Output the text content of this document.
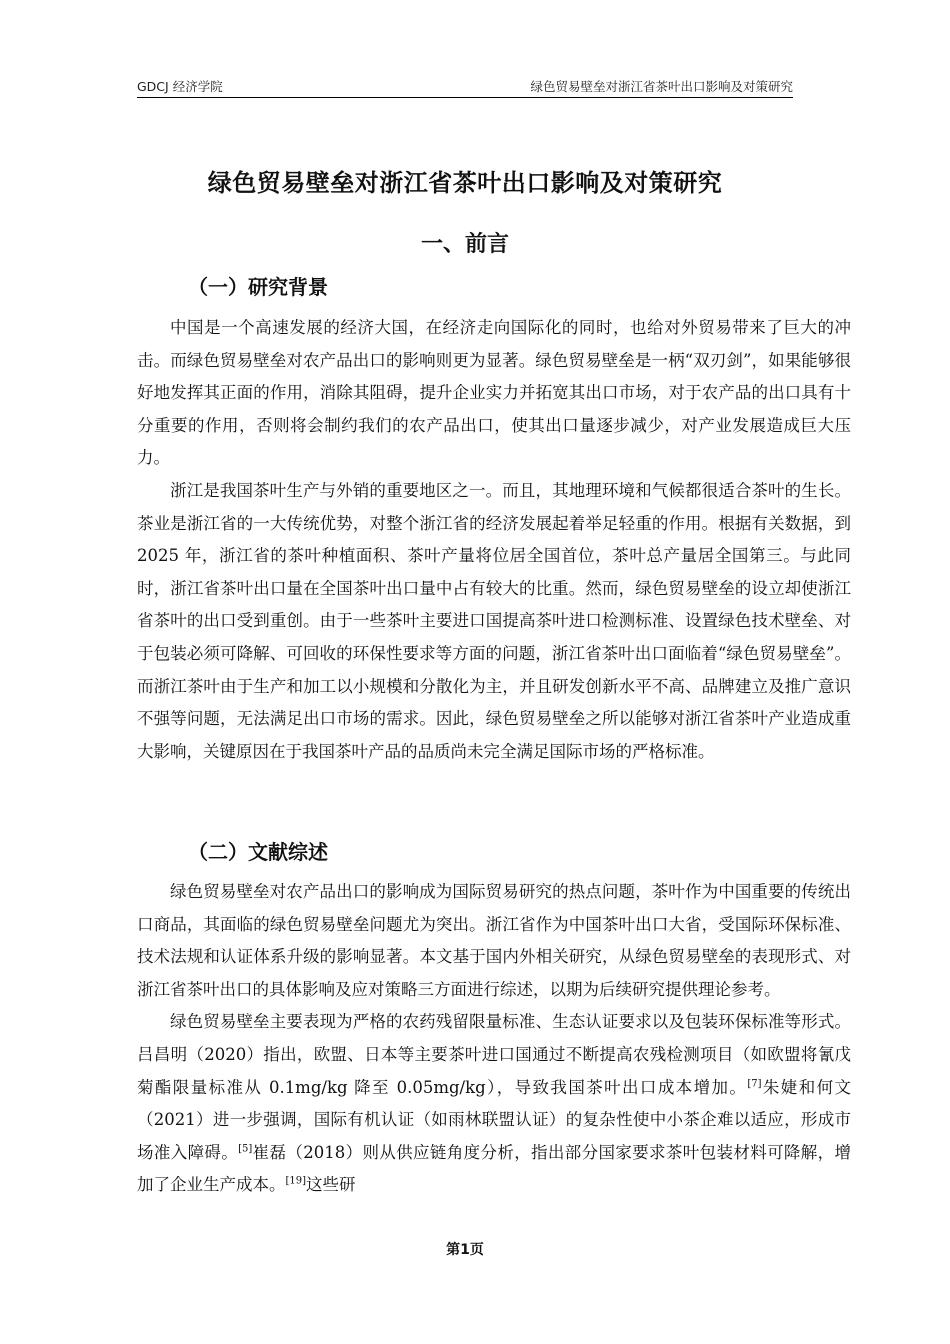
GDCJ 经济学院	绿色贸易壁垒对浙江省茶叶出口影响及对策研究
绿色贸易壁垒对浙江省茶叶出口影响及对策研究
一、前言
（一）研究背景

中国是一个高速发展的经济大国，在经济走向国际化的同时，也给对外贸易带来了巨大的冲击。而绿色贸易壁垒对农产品出口的影响则更为显著。绿色贸易壁垒是一柄“双刃剑”，如果能够很好地发挥其正面的作用，消除其阻碍，提升企业实力并拓宽其出口市场，对于农产品的出口具有十分重要的作用，否则将会制约我们的农产品出口，使其出口量逐步减少，对产业发展造成巨大压力。

浙江是我国茶叶生产与外销的重要地区之一。而且，其地理环境和气候都很适合茶叶的生长。茶业是浙江省的一大传统优势，对整个浙江省的经济发展起着举足轻重的作用。根据有关数据，到 2025 年，浙江省的茶叶种植面积、茶叶产量将位居全国首位，茶叶总产量居全国第三。与此同时，浙江省茶叶出口量在全国茶叶出口量中占有较大的比重。然而，绿色贸易壁垒的设立却使浙江省茶叶的出口受到重创。由于一些茶叶主要进口国提高茶叶进口检测标准、设置绿色技术壁垒、对于包装必须可降解、可回收的环保性要求等方面的问题，浙江省茶叶出口面临着“绿色贸易壁垒”。而浙江茶叶由于生产和加工以小规模和分散化为主，并且研发创新水平不高、品牌建立及推广意识不强等问题，无法满足出口市场的需求。因此，绿色贸易壁垒之所以能够对浙江省茶叶产业造成重大影响，关键原因在于我国茶叶产品的品质尚未完全满足国际市场的严格标准。

（二）文献综述

绿色贸易壁垒对农产品出口的影响成为国际贸易研究的热点问题，茶叶作为中国重要的传统出口商品，其面临的绿色贸易壁垒问题尤为突出。浙江省作为中国茶叶出口大省，受国际环保标准、技术法规和认证体系升级的影响显著。本文基于国内外相关研究，从绿色贸易壁垒的表现形式、对浙江省茶叶出口的具体影响及应对策略三方面进行综述，以期为后续研究提供理论参考。

绿色贸易壁垒主要表现为严格的农药残留限量标准、生态认证要求以及包装环保标准等形式。吕昌明（2020）指出，欧盟、日本等主要茶叶进口国通过不断提高农残检测项目（如欧盟将氰戊菊酯限量标准从 0.1mg/kg 降至 0.05mg/kg），导致我国茶叶出口成本增加。[7]朱婕和何文（2021）进一步强调，国际有机认证（如雨林联盟认证）的复杂性使中小茶企难以适应，形成市场准入障碍。[5]崔磊（2018）则从供应链角度分析，指出部分国家要求茶叶包装材料可降解，增加了企业生产成本。[19]这些研

第1页
